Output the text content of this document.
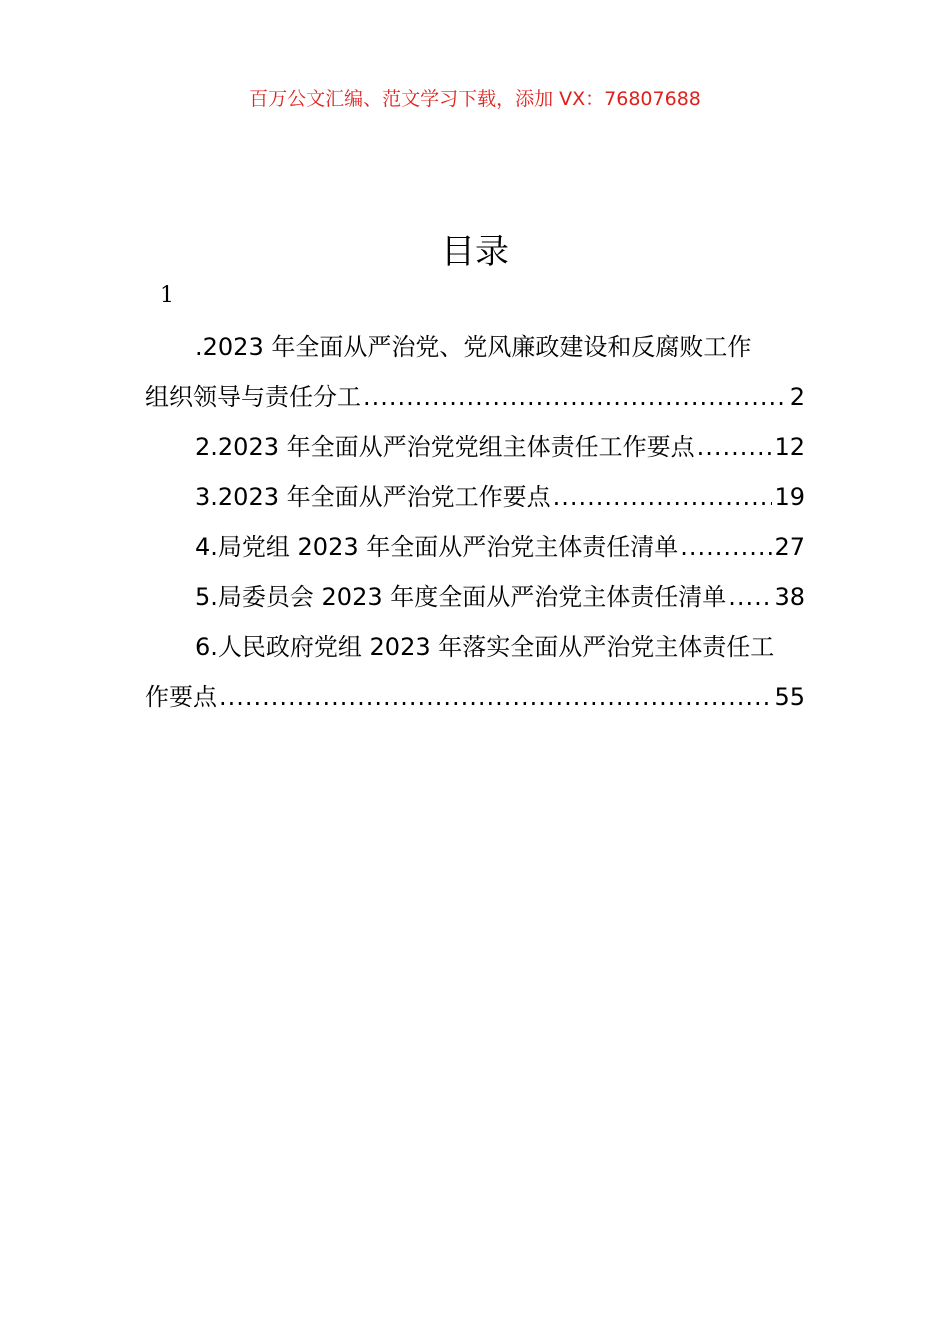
百万公文汇编、范文学习下载，添加 VX：76807688
目录
1
.2023 年全面从严治党、党风廉政建设和反腐败工作
组织领导与责任分工 .....	2
2.2023 年全面从严治党党组主体责任工作要点 .....	12
3.2023 年全面从严治党工作要点 .....	19
4.局党组 2023 年全面从严治党主体责任清单 .....	27
5.局委员会 2023 年度全面从严治党主体责任清单 ..... 38
6.人民政府党组 2023 年落实全面从严治党主体责任工
作要点 .....	55
